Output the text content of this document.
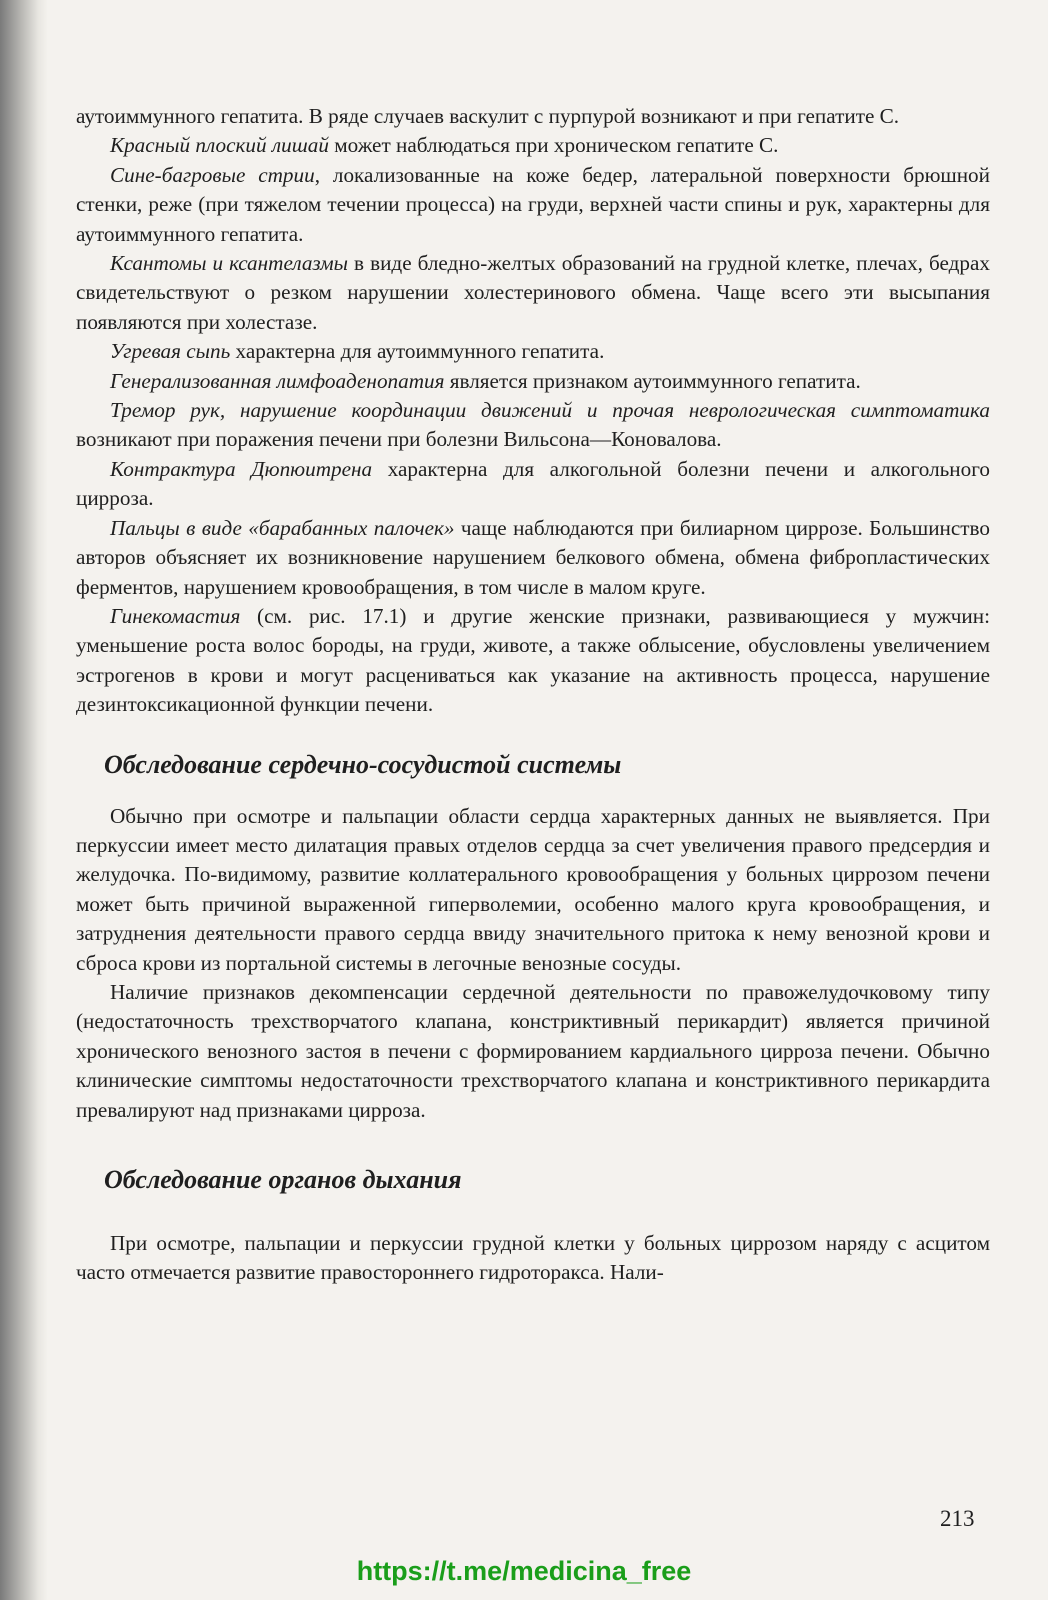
аутоиммунного гепатита. В ряде случаев васкулит с пурпурой возникают и при гепатите С.

Красный плоский лишай может наблюдаться при хроническом гепатите С.

Сине-багровые стрии, локализованные на коже бедер, латеральной поверхности брюшной стенки, реже (при тяжелом течении процесса) на груди, верхней части спины и рук, характерны для аутоиммунного гепатита.

Ксантомы и ксантелазмы в виде бледно-желтых образований на грудной клетке, плечах, бедрах свидетельствуют о резком нарушении холестеринового обмена. Чаще всего эти высыпания появляются при холестазе.

Угревая сыпь характерна для аутоиммунного гепатита.

Генерализованная лимфоаденопатия является признаком аутоиммунного гепатита.

Тремор рук, нарушение координации движений и прочая неврологическая симптоматика возникают при поражения печени при болезни Вильсона—Коновалова.

Контрактура Дюпюитрена характерна для алкогольной болезни печени и алкогольного цирроза.

Пальцы в виде «барабанных палочек» чаще наблюдаются при билиарном циррозе. Большинство авторов объясняет их возникновение нарушением белкового обмена, обмена фибропластических ферментов, нарушением кровообращения, в том числе в малом круге.

Гинекомастия (см. рис. 17.1) и другие женские признаки, развивающиеся у мужчин: уменьшение роста волос бороды, на груди, животе, а также облысение, обусловлены увеличением эстрогенов в крови и могут расцениваться как указание на активность процесса, нарушение дезинтоксикационной функции печени.

Обследование сердечно-сосудистой системы

Обычно при осмотре и пальпации области сердца характерных данных не выявляется. При перкуссии имеет место дилатация правых отделов сердца за счет увеличения правого предсердия и желудочка. По-видимому, развитие коллатерального кровообращения у больных циррозом печени может быть причиной выраженной гиперволемии, особенно малого круга кровообращения, и затруднения деятельности правого сердца ввиду значительного притока к нему венозной крови и сброса крови из портальной системы в легочные венозные сосуды.

Наличие признаков декомпенсации сердечной деятельности по правожелудочковому типу (недостаточность трехстворчатого клапана, констриктивный перикардит) является причиной хронического венозного застоя в печени с формированием кардиального цирроза печени. Обычно клинические симптомы недостаточности трехстворчатого клапана и констриктивного перикардита превалируют над признаками цирроза.

Обследование органов дыхания

При осмотре, пальпации и перкуссии грудной клетки у больных циррозом наряду с асцитом часто отмечается развитие правостороннего гидроторакса. Нали-

213
https://t.me/medicina_free
